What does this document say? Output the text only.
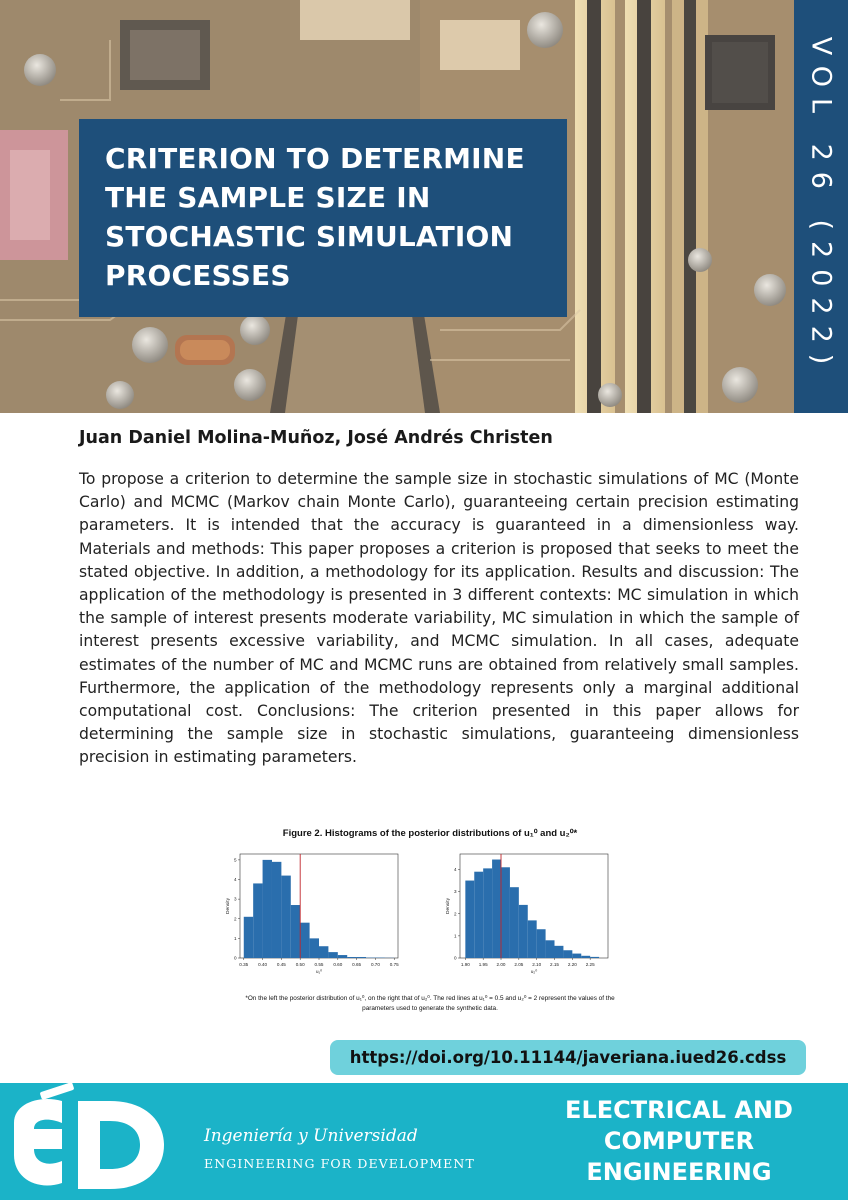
CRITERION TO DETERMINE
THE SAMPLE SIZE IN
STOCHASTIC SIMULATION
PROCESSES	VOL 26 (2022)
Juan Daniel Molina-Muñoz, José Andrés Christen

To propose a criterion to determine the sample size in stochastic simulations of MC (Monte Carlo) and MCMC (Markov chain Monte Carlo), guaranteeing certain precision estimating parameters. It is intended that the accuracy is guaranteed in a dimensionless way. Materials and methods: This paper proposes a criterion is proposed that seeks to meet the stated objective. In addition, a methodology for its application. Results and discussion: The application of the methodology is presented in 3 different contexts: MC simulation in which the sample of interest presents moderate variability, MC simulation in which the sample of interest presents excessive variability, and MCMC simulation. In all cases, adequate estimates of the number of MC and MCMC runs are obtained from relatively small samples. Furthermore, the application of the methodology represents only a marginal additional computational cost. Conclusions: The criterion presented in this paper allows for determining the sample size in stochastic simulations, guaranteeing dimensionless precision in estimating parameters.

Figure 2. Histograms of the posterior distributions of u₁⁰ and u₂⁰*
0.35 0.40 0.45 0.50 0.55 0.60 0.65 0.70 0.75
0
1
2
3
4
5
u₁⁰
Density
1.90 1.95 2.00 2.05 2.10 2.15 2.20 2.25
0
1
2
3
4
u₂⁰
Density
*On the left the posterior distribution of u₁⁰, on the right that of u₂⁰. The red lines at u₁⁰ = 0.5 and u₂⁰ = 2 represent the values of the
parameters used to generate the synthetic data.
https://doi.org/10.11144/javeriana.iued26.cdss
Ingeniería y Universidad
ENGINEERING FOR DEVELOPMENT
ELECTRICAL AND
COMPUTER
ENGINEERING
